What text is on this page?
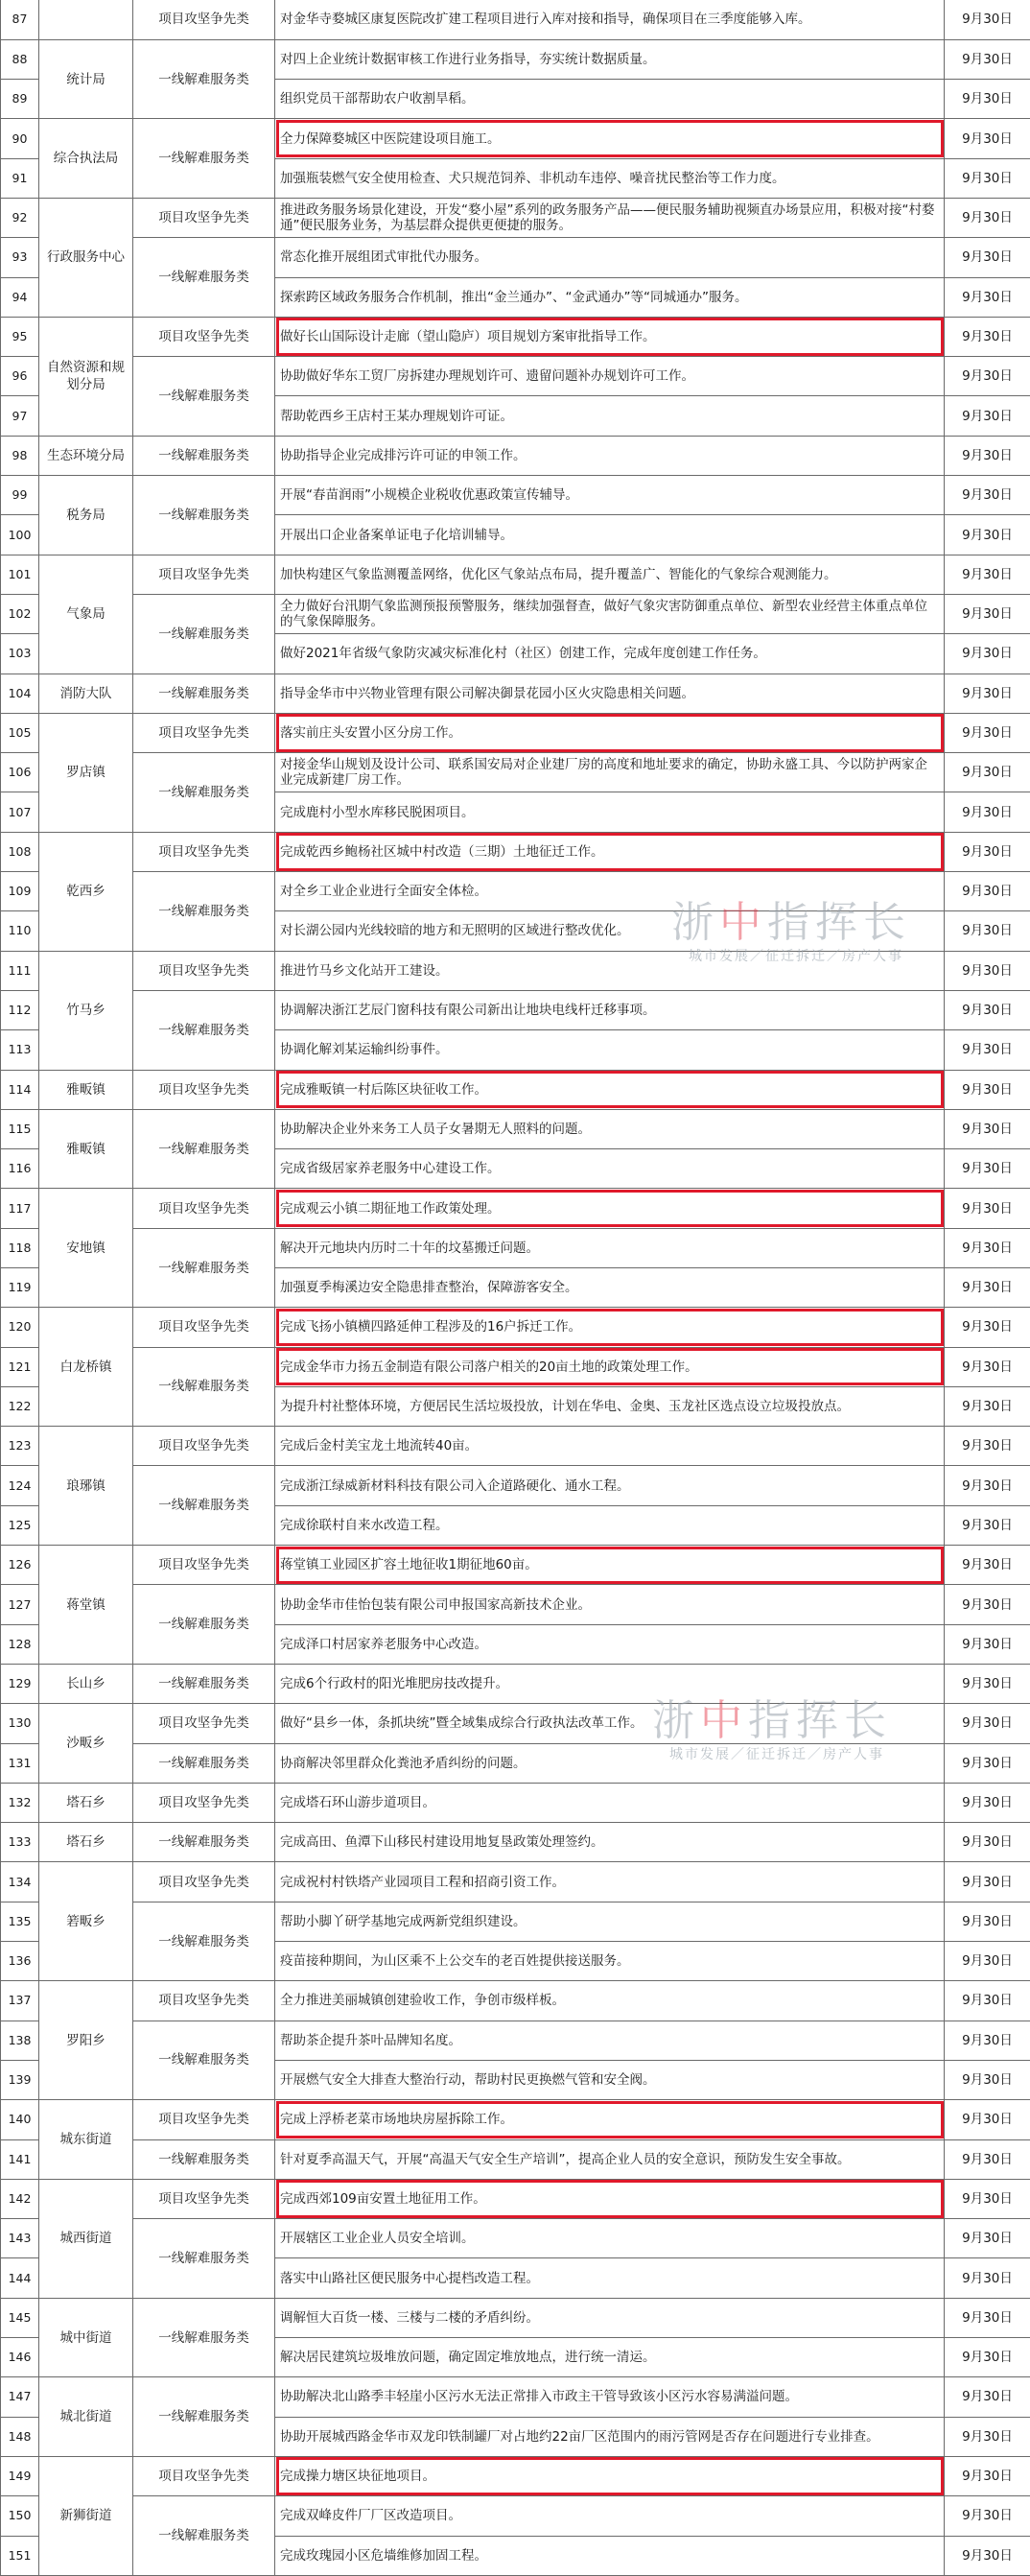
87		项目攻坚争先类	对金华寺婺城区康复医院改扩建工程项目进行入库对接和指导，确保项目在三季度能够入库。	9月30日
88	统计局	一线解难服务类	对四上企业统计数据审核工作进行业务指导，夯实统计数据质量。	9月30日
89			组织党员干部帮助农户收割旱稻。	9月30日
90	综合执法局	一线解难服务类	全力保障婺城区中医院建设项目施工。	9月30日
91			加强瓶装燃气安全使用检查、犬只规范饲养、非机动车违停、噪音扰民整治等工作力度。	9月30日
92	行政服务中心	项目攻坚争先类	推进政务服务场景化建设，开发“婺小屋”系列的政务服务产品——便民服务辅助视频直办场景应用，积极对接“村婺通”便民服务业务，为基层群众提供更便捷的服务。	9月30日
93		一线解难服务类	常态化推开展组团式审批代办服务。	9月30日
94			探索跨区域政务服务合作机制，推出“金兰通办”、“金武通办”等“同城通办”服务。	9月30日
95	自然资源和规划分局	项目攻坚争先类	做好长山国际设计走廊（望山隐庐）项目规划方案审批指导工作。	9月30日
96		一线解难服务类	协助做好华东工贸厂房拆建办理规划许可、遗留问题补办规划许可工作。	9月30日
97			帮助乾西乡王店村王某办理规划许可证。	9月30日
98	生态环境分局	一线解难服务类	协助指导企业完成排污许可证的申领工作。	9月30日
99	税务局	一线解难服务类	开展“春苗润雨”小规模企业税收优惠政策宣传辅导。	9月30日
100			开展出口企业备案单证电子化培训辅导。	9月30日
101	气象局	项目攻坚争先类	加快构建区气象监测覆盖网络，优化区气象站点布局，提升覆盖广、智能化的气象综合观测能力。	9月30日
102		一线解难服务类	全力做好台汛期气象监测预报预警服务，继续加强督查，做好气象灾害防御重点单位、新型农业经营主体重点单位的气象保障服务。	9月30日
103			做好2021年省级气象防灾减灾标准化村（社区）创建工作，完成年度创建工作任务。	9月30日
104	消防大队	一线解难服务类	指导金华市中兴物业管理有限公司解决御景花园小区火灾隐患相关问题。	9月30日
105	罗店镇	项目攻坚争先类	落实前庄头安置小区分房工作。	9月30日
106		一线解难服务类	对接金华山规划及设计公司、联系国安局对企业建厂房的高度和地址要求的确定，协助永盛工具、今以防护两家企业完成新建厂房工作。	9月30日
107			完成鹿村小型水库移民脱困项目。	9月30日
108	乾西乡	项目攻坚争先类	完成乾西乡鲍杨社区城中村改造（三期）土地征迁工作。	9月30日
109		一线解难服务类	对全乡工业企业进行全面安全体检。	9月30日
110			对长湖公园内光线较暗的地方和无照明的区域进行整改优化。	9月30日
111	竹马乡	项目攻坚争先类	推进竹马乡文化站开工建设。	9月30日
112		一线解难服务类	协调解决浙江艺辰门窗科技有限公司新出让地块电线杆迁移事项。	9月30日
113			协调化解刘某运输纠纷事件。	9月30日
114	雅畈镇	项目攻坚争先类	完成雅畈镇一村后陈区块征收工作。	9月30日
115	雅畈镇	一线解难服务类	协助解决企业外来务工人员子女暑期无人照料的问题。	9月30日
116			完成省级居家养老服务中心建设工作。	9月30日
117	安地镇	项目攻坚争先类	完成观云小镇二期征地工作政策处理。	9月30日
118		一线解难服务类	解决开元地块内历时二十年的坟墓搬迁问题。	9月30日
119			加强夏季梅溪边安全隐患排查整治，保障游客安全。	9月30日
120	白龙桥镇	项目攻坚争先类	完成飞扬小镇横四路延伸工程涉及的16户拆迁工作。	9月30日
121		一线解难服务类	完成金华市力扬五金制造有限公司落户相关的20亩土地的政策处理工作。	9月30日
122			为提升村社整体环境，方便居民生活垃圾投放，计划在华电、金奥、玉龙社区选点设立垃圾投放点。	9月30日
123	琅琊镇	项目攻坚争先类	完成后金村美宝龙土地流转40亩。	9月30日
124		一线解难服务类	完成浙江绿威新材料科技有限公司入企道路硬化、通水工程。	9月30日
125			完成徐联村自来水改造工程。	9月30日
126	蒋堂镇	项目攻坚争先类	蒋堂镇工业园区扩容土地征收1期征地60亩。	9月30日
127		一线解难服务类	协助金华市佳怡包装有限公司申报国家高新技术企业。	9月30日
128			完成泽口村居家养老服务中心改造。	9月30日
129	长山乡	一线解难服务类	完成6个行政村的阳光堆肥房技改提升。	9月30日
130	沙畈乡	项目攻坚争先类	做好“县乡一体，条抓块统”暨全域集成综合行政执法改革工作。	9月30日
131		一线解难服务类	协商解决邻里群众化粪池矛盾纠纷的问题。	9月30日
132	塔石乡	项目攻坚争先类	完成塔石环山游步道项目。	9月30日
133	塔石乡	一线解难服务类	完成高田、鱼潭下山移民村建设用地复垦政策处理签约。	9月30日
134	箬畈乡	项目攻坚争先类	完成祝村村铁塔产业园项目工程和招商引资工作。	9月30日
135		一线解难服务类	帮助小脚丫研学基地完成两新党组织建设。	9月30日
136			疫苗接种期间，为山区乘不上公交车的老百姓提供接送服务。	9月30日
137	罗阳乡	项目攻坚争先类	全力推进美丽城镇创建验收工作，争创市级样板。	9月30日
138		一线解难服务类	帮助茶企提升茶叶品牌知名度。	9月30日
139			开展燃气安全大排查大整治行动，帮助村民更换燃气管和安全阀。	9月30日
140	城东街道	项目攻坚争先类	完成上浮桥老菜市场地块房屋拆除工作。	9月30日
141		一线解难服务类	针对夏季高温天气，开展“高温天气安全生产培训”，提高企业人员的安全意识，预防发生安全事故。	9月30日
142	城西街道	项目攻坚争先类	完成西郊109亩安置土地征用工作。	9月30日
143		一线解难服务类	开展辖区工业企业人员安全培训。	9月30日
144			落实中山路社区便民服务中心提档改造工程。	9月30日
145	城中街道	一线解难服务类	调解恒大百货一楼、三楼与二楼的矛盾纠纷。	9月30日
146			解决居民建筑垃圾堆放问题，确定固定堆放地点，进行统一清运。	9月30日
147	城北街道	一线解难服务类	协助解决北山路季丰轻崖小区污水无法正常排入市政主干管导致该小区污水容易满溢问题。	9月30日
148			协助开展城西路金华市双龙印铁制罐厂对占地约22亩厂区范围内的雨污管网是否存在问题进行专业排查。	9月30日
149	新狮街道	项目攻坚争先类	完成操力塘区块征地项目。	9月30日
150		一线解难服务类	完成双峰皮件厂厂区改造项目。	9月30日
151			完成玫瑰园小区危墙维修加固工程。	9月30日
浙中指挥长
城市发展／征迁拆迁／房产人事
浙中指挥长
城市发展／征迁拆迁／房产人事
